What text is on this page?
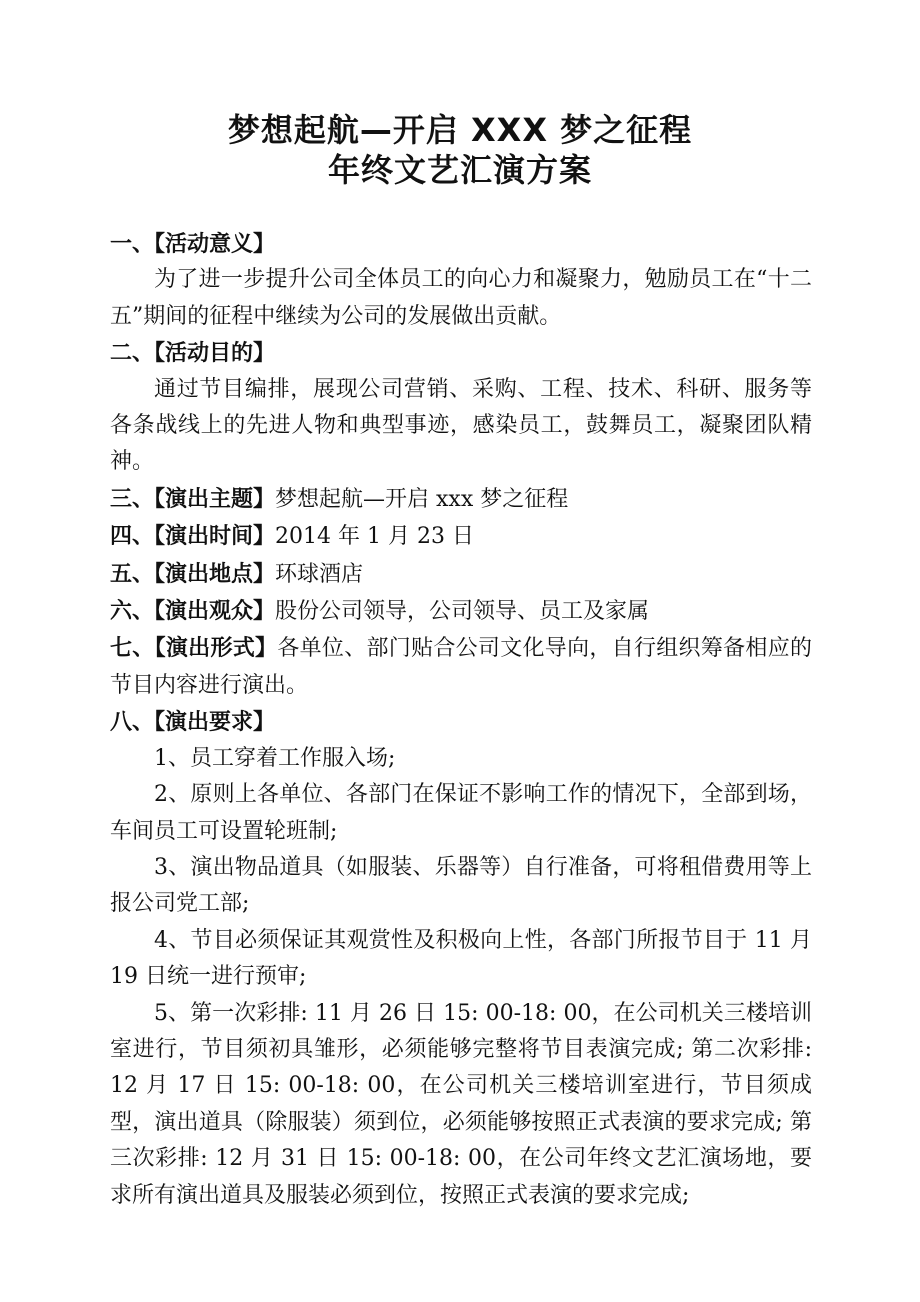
梦想起航—开启 XXX 梦之征程
年终文艺汇演方案
一、【活动意义】
为了进一步提升公司全体员工的向心力和凝聚力，勉励员工在“十二五”期间的征程中继续为公司的发展做出贡献。
二、【活动目的】
通过节目编排，展现公司营销、采购、工程、技术、科研、服务等各条战线上的先进人物和典型事迹，感染员工，鼓舞员工，凝聚团队精神。
三、【演出主题】梦想起航—开启 xxx 梦之征程
四、【演出时间】2014 年 1 月 23 日
五、【演出地点】环球酒店
六、【演出观众】股份公司领导，公司领导、员工及家属
七、【演出形式】各单位、部门贴合公司文化导向，自行组织筹备相应的节目内容进行演出。
八、【演出要求】
1、员工穿着工作服入场;
2、原则上各单位、各部门在保证不影响工作的情况下，全部到场，车间员工可设置轮班制;
3、演出物品道具（如服装、乐器等）自行准备，可将租借费用等上报公司党工部;
4、节目必须保证其观赏性及积极向上性，各部门所报节目于 11 月 19 日统一进行预审;
5、第一次彩排: 11 月 26 日 15: 00-18: 00，在公司机关三楼培训室进行，节目须初具雏形，必须能够完整将节目表演完成; 第二次彩排: 12 月 17 日 15: 00-18: 00，在公司机关三楼培训室进行，节目须成型，演出道具（除服装）须到位，必须能够按照正式表演的要求完成; 第三次彩排: 12 月 31 日 15: 00-18: 00，在公司年终文艺汇演场地，要求所有演出道具及服装必须到位，按照正式表演的要求完成;
